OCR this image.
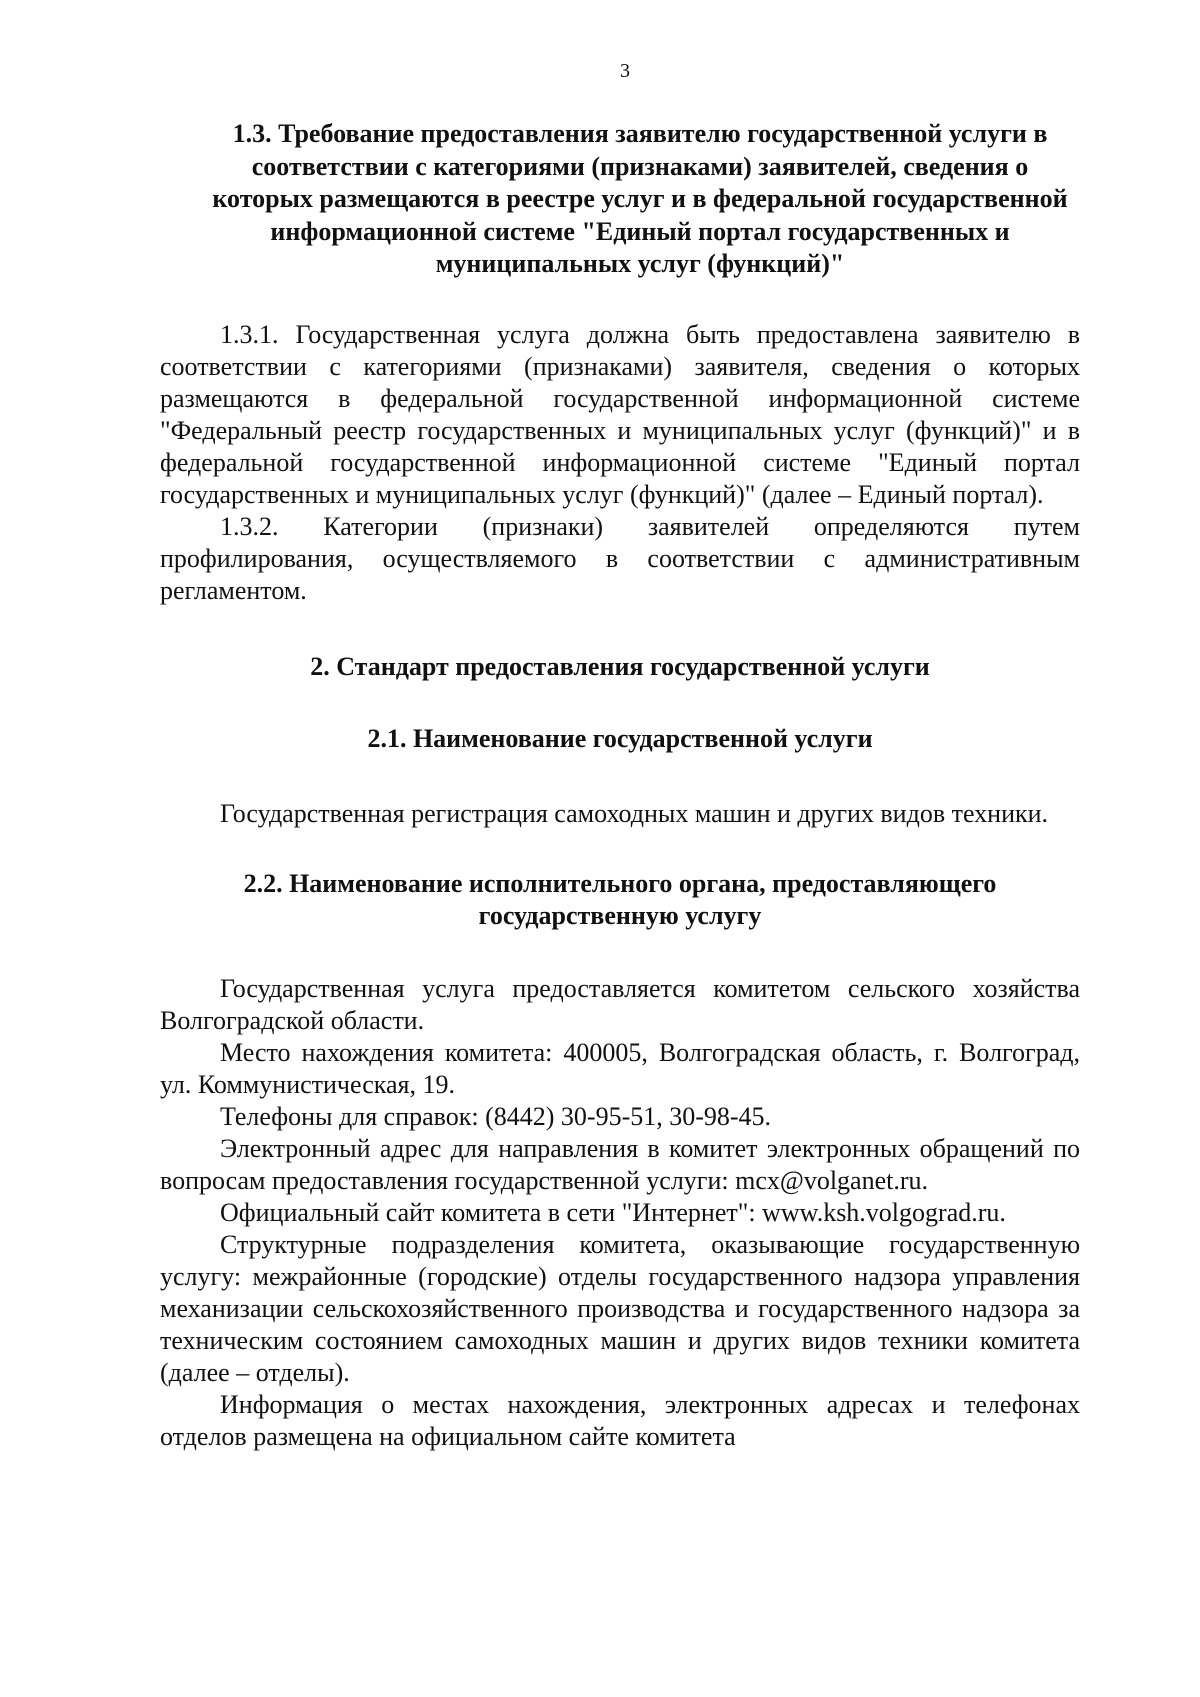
3
1.3. Требование предоставления заявителю государственной услуги в соответствии с категориями (признаками) заявителей, сведения о которых размещаются в реестре услуг и в федеральной государственной информационной системе "Единый портал государственных и муниципальных услуг (функций)"

1.3.1. Государственная услуга должна быть предоставлена заявителю в соответствии с категориями (признаками) заявителя, сведения о которых размещаются в федеральной государственной информационной системе "Федеральный реестр государственных и муниципальных услуг (функций)" и в федеральной государственной информационной системе "Единый портал государственных и муниципальных услуг (функций)" (далее – Единый портал).

1.3.2. Категории (признаки) заявителей определяются путем профилирования, осуществляемого в соответствии с административным регламентом.

2. Стандарт предоставления государственной услуги
2.1. Наименование государственной услуги

Государственная регистрация самоходных машин и других видов техники.

2.2. Наименование исполнительного органа, предоставляющего государственную услугу

Государственная услуга предоставляется комитетом сельского хозяйства Волгоградской области.

Место нахождения комитета: 400005, Волгоградская область, г. Волгоград, ул. Коммунистическая, 19.

Телефоны для справок: (8442) 30-95-51, 30-98-45.

Электронный адрес для направления в комитет электронных обращений по вопросам предоставления государственной услуги: mcx@volganet.ru.

Официальный сайт комитета в сети "Интернет": www.ksh.volgograd.ru.

Структурные подразделения комитета, оказывающие государственную услугу: межрайонные (городские) отделы государственного надзора управления механизации сельскохозяйственного производства и государственного надзора за техническим состоянием самоходных машин и других видов техники комитета (далее – отделы).

Информация о местах нахождения, электронных адресах и телефонах отделов размещена на официальном сайте комитета
